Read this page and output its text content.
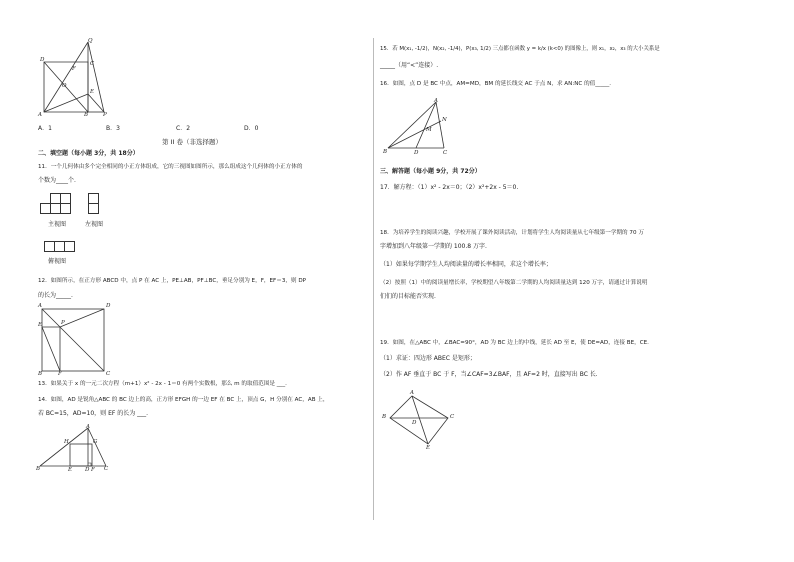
Q
D
C
F
O
E
A	B	P
A．1	B．3	C．2	D．0
第 II 卷（非选择题）
二、填空题（每小题 3分，共 18分）
11．一个几何体由多个完全相同的小正方体组成，它的三视图如图所示，那么组成这个几何体的小正方体的
个数为____个.
主视图	左视图
俯视图
12．如图所示，在正方形 ABCD 中，点 P 在 AC 上，PE⊥AB，PF⊥BC，垂足分别为 E，F，EF＝3，则 DP
的长为_____.
A	D
E	P
B	F	C
13．如果关于 x 的一元二次方程（m+1）x² - 2x - 1＝0 有两个实数根，那么 m 的取值范围是 ___.
14．如图，AD 是锐角△ABC 的 BC 边上的高，正方形 EFGH 的一边 EF 在 BC 上，顶点 G，H 分别在 AC，AB 上，
若 BC=15，AD=10，则 EF 的长为 ___.
A
H	G
B	E D F C
15．若 M(x₁, -1/2)，N(x₂, -1/4)，P(x₃, 1/2) 三点都在函数 y = k/x (k<0) 的图像上，则 x₁，x₂，x₃ 的大小关系是
_____（用“<”连接）.
16．如图，点 D 是 BC 中点，AM=MD，BM 的延长线交 AC 于点 N，求 AN:NC 的值_____.
A
N
M
B	D	C
三、解答题（每小题 9分，共 72分）
17．解方程：（1）x² - 2x＝0；（2）x²+2x - 5＝0.
18．为培养学生的阅读兴趣，学校开展了课外阅读活动，计划将学生人均阅读量从七年级第一学期的 70 万
字增加到八年级第一学期的 100.8 万字.
（1）如果每学期学生人均阅读量的增长率相同，求这个增长率；
（2）按照（1）中的阅读量增长率，学校期望八年级第二学期的人均阅读量达到 120 万字，请通过计算说明
们们的目标能否实现.
19．如图，在△ABC 中，∠BAC=90°，AD 为 BC 边上的中线，延长 AD 至 E，使 DE=AD，连接 BE，CE.
（1）求证：四边形 ABEC 是矩形；
（2）作 AF 垂直于 BC 于 F，当∠CAF=3∠BAF，且 AF=2 时，直接写出 BC 长.
A
B
D
C
E
